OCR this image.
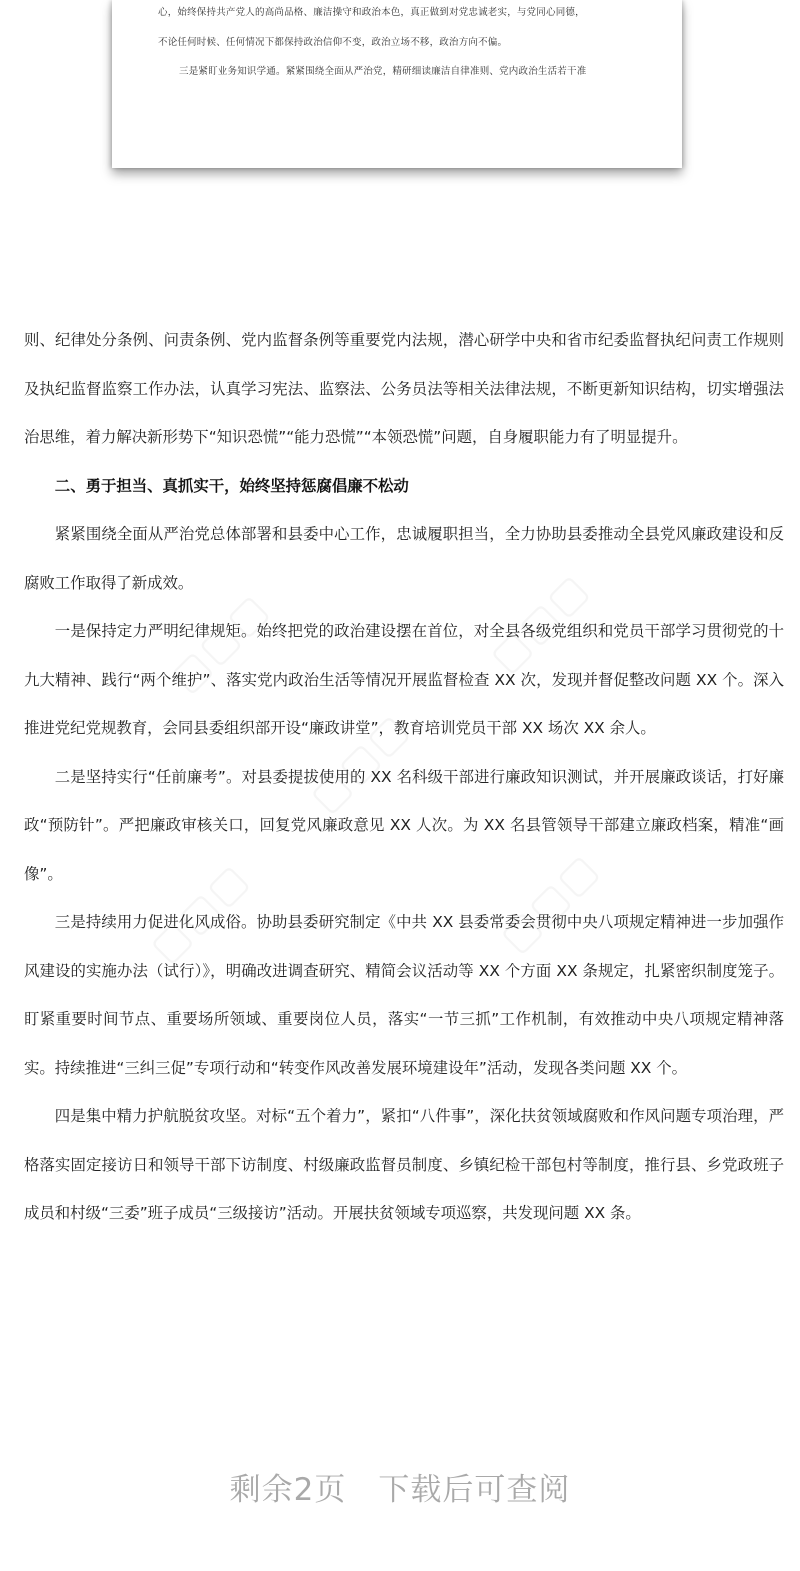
心，始终保持共产党人的高尚品格、廉洁操守和政治本色，真正做到对党忠诚老实，与党同心同德，
不论任何时候、任何情况下都保持政治信仰不变，政治立场不移，政治方向不偏。
三是紧盯业务知识学通。紧紧围绕全面从严治党，精研细读廉洁自律准则、党内政治生活若干准

则、纪律处分条例、问责条例、党内监督条例等重要党内法规，潜心研学中央和省市纪委监督执纪问责工作规则及执纪监督监察工作办法，认真学习宪法、监察法、公务员法等相关法律法规，不断更新知识结构，切实增强法治思维，着力解决新形势下“知识恐慌”“能力恐慌”“本领恐慌”问题，自身履职能力有了明显提升。

二、勇于担当、真抓实干，始终坚持惩腐倡廉不松动

紧紧围绕全面从严治党总体部署和县委中心工作，忠诚履职担当，全力协助县委推动全县党风廉政建设和反腐败工作取得了新成效。

一是保持定力严明纪律规矩。始终把党的政治建设摆在首位，对全县各级党组织和党员干部学习贯彻党的十九大精神、践行“两个维护”、落实党内政治生活等情况开展监督检查 XX 次，发现并督促整改问题 XX 个。深入推进党纪党规教育，会同县委组织部开设“廉政讲堂”，教育培训党员干部 XX 场次 XX 余人。

二是坚持实行“任前廉考”。对县委提拔使用的 XX 名科级干部进行廉政知识测试，并开展廉政谈话，打好廉政“预防针”。严把廉政审核关口，回复党风廉政意见 XX 人次。为 XX 名县管领导干部建立廉政档案，精准“画像”。

三是持续用力促进化风成俗。协助县委研究制定《中共 XX 县委常委会贯彻中央八项规定精神进一步加强作风建设的实施办法（试行）》，明确改进调查研究、精简会议活动等 XX 个方面 XX 条规定，扎紧密织制度笼子。盯紧重要时间节点、重要场所领域、重要岗位人员，落实“一节三抓”工作机制，有效推动中央八项规定精神落实。持续推进“三纠三促”专项行动和“转变作风改善发展环境建设年”活动，发现各类问题 XX 个。

四是集中精力护航脱贫攻坚。对标“五个着力”，紧扣“八件事”，深化扶贫领域腐败和作风问题专项治理，严格落实固定接访日和领导干部下访制度、村级廉政监督员制度、乡镇纪检干部包村等制度，推行县、乡党政班子成员和村级“三委”班子成员“三级接访”活动。开展扶贫领域专项巡察，共发现问题 XX 条。

剩余2页　下载后可查阅
